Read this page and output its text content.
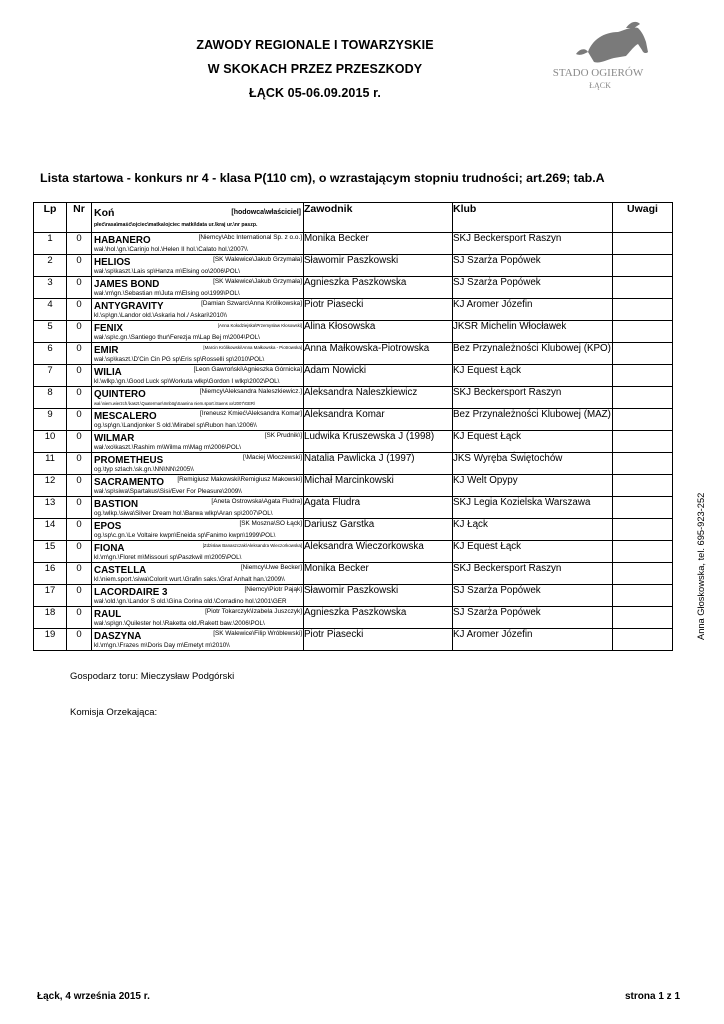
ZAWODY REGIONALE I TOWARZYSKIE
W SKOKACH PRZEZ PRZESZKODY
ŁĄCK 05-06.09.2015 r.
STADO OGIERÓW
ŁĄCK
Lista startowa - konkurs nr 4 - klasa P(110 cm), o wzrastającym stopniu trudności; art.269; tab.A
Lp	Nr	Koń [hodowca\właściciel]
płeć\rasa\maść\ojciec\matka\ojciec matki\data ur.\kraj ur.\nr paszp.	Zawodnik	Klub	Uwagi
1	0	HABANERO [Niemcy\Abc International Sp. z o.o.]
wał.\hol.\gn.\Carinjo hol.\Helen II hol.\Calato hol.\2007\\	Monika Becker	SKJ Beckersport Raszyn	
2	0	HELIOS [SK Walewice\Jakub Grzymała]
wał.\sp\kaszt.\Lais sp\Hanza m\Elsing oo\2006\POL\	Sławomir Paszkowski	SJ Szarża Popówek	
3	0	JAMES BOND [SK Walewice\Jakub Grzymała]
wał.\m\gn.\Sebastian m\Juta m\Elsing oo\1999\POL\	Agnieszka Paszkowska	SJ Szarża Popówek	
4	0	ANTYGRAVITY [Damian Szwarc\Anna Królikowska]
kl.\sp\gn.\Landor old.\Askaria hol./ Askari\2010\\	Piotr Piasecki	KJ Aromer Józefin	
5	0	FENIX [Anna Kołodziejska\Przemysław Kłosowski]
wał.\sp\c.gn.\Santiego thur\Ferezja m\Lap Bej m\2004\POL\	Alina Kłosowska	JKSR Michelin Włocławek	
6	0	EMIR [Marcin Królikowski\Anna Małkowska - Piotrowska]
wał.\sp\kaszt.\D'Cin Cin PG sp\Eris sp\Rosselli sp\2010\POL\	Anna Małkowska-Piotrowska	Bez Przynależności Klubowej (KPO)	
7	0	WILIA [Leon Gawroński\Agnieszka Górnicka]
kl.\wlkp.\gn.\Good Luck sp\Workuta wlkp\Gordon I wlkp\2002\POL\	Adam Nowicki	KJ Equest Łąck	
8	0	QUINTERO [Niemcy\Aleksandra Naleszkiewicz.]
wał.\niem.wierzch.\kaszt.\Quaterman\Innbög\Saanina niem.sport.\Saens xx\2007\GER\	Aleksandra Naleszkiewicz	SKJ Beckersport Raszyn	
9	0	MESCALERO [Ireneusz Kmieć\Aleksandra Komar]
og.\sp\gn.\Landjonker S old.\Mirabel sp\Rubon han.\2006\\	Aleksandra Komar	Bez Przynależności Klubowej (MAZ)	
10	0	WILMAR [SK Prudnik\]
wał.\xo\kaszt.\Rashim m\Wilma m\Mag m\2006\POL\	Ludwika Kruszewska J (1998)	KJ Equest Łąck	
11	0	PROMETHEUS [\Maciej Włoczewski]
og.\typ szlach.\sk.gn.\NN\NN\2005\\	Natalia Pawlicka J (1997)	JKS Wyręba Świętochów	
12	0	SACRAMENTO [Remigiusz Makowski\Remigiusz Makowski]
wał.\sp\siwa\Spartakus\Sisi/Ever For Pleasure\2009\\	Michał Marcinkowski	KJ Welt Opypy	
13	0	BASTION [Aneta Ostrowska\Agata Fludra]
og.\wlkp.\siwa\Silver Dream hol.\Barwa wlkp\Aran sp\2007\POL\	Agata Fludra	SKJ Legia Kozielska Warszawa	
14	0	EPOS [SK Moszna\SO Łąck]
og.\sp\c.gn.\Le Voltaire kwpn\Eneida sp\Fanimo kwpn\1999\POL\	Dariusz Garstka	KJ Łąck	
15	0	FIONA [Zdzisław Banaszczak\Aleksandra Wieczorkowska]
kl.\m\gn.\Floret m\Missouri sp\Paszkwil m\2005\POL\	Aleksandra Wieczorkowska	KJ Equest Łąck	
16	0	CASTELLA [Niemcy\Uwe Becker]
kl.\niem.sport.\siwa\Colorit wurt.\Grafin saks.\Graf Anhalt han.\2009\\	Monika Becker	SKJ Beckersport Raszyn	
17	0	LACORDAIRE 3 [Niemcy\Piotr Pająk]
wał.\old.\gn.\Landor S old.\Gina Corina old.\Corradino hol.\2001\GER	Sławomir Paszkowski	SJ Szarża Popówek	
18	0	RAUL [Piotr Tokarczyk\Izabela Juszczyk]
wał.\sp\gn.\Quilester hol.\Raketta old./Rakett baw.\2006\POL\	Agnieszka Paszkowska	SJ Szarża Popówek	
19	0	DASZYNA [SK Walewice\Filip Wróblewski]
kl.\m\gn.\Frazes m\Doris Day m\Emetyt m\2010\\	Piotr Piasecki	KJ Aromer Józefin	
Gospodarz toru: Mieczysław Podgórski
Komisja Orzekająca:
Anna Głoskowska, tel. 695-923-252
Łąck, 4 września 2015 r.	strona 1 z 1
